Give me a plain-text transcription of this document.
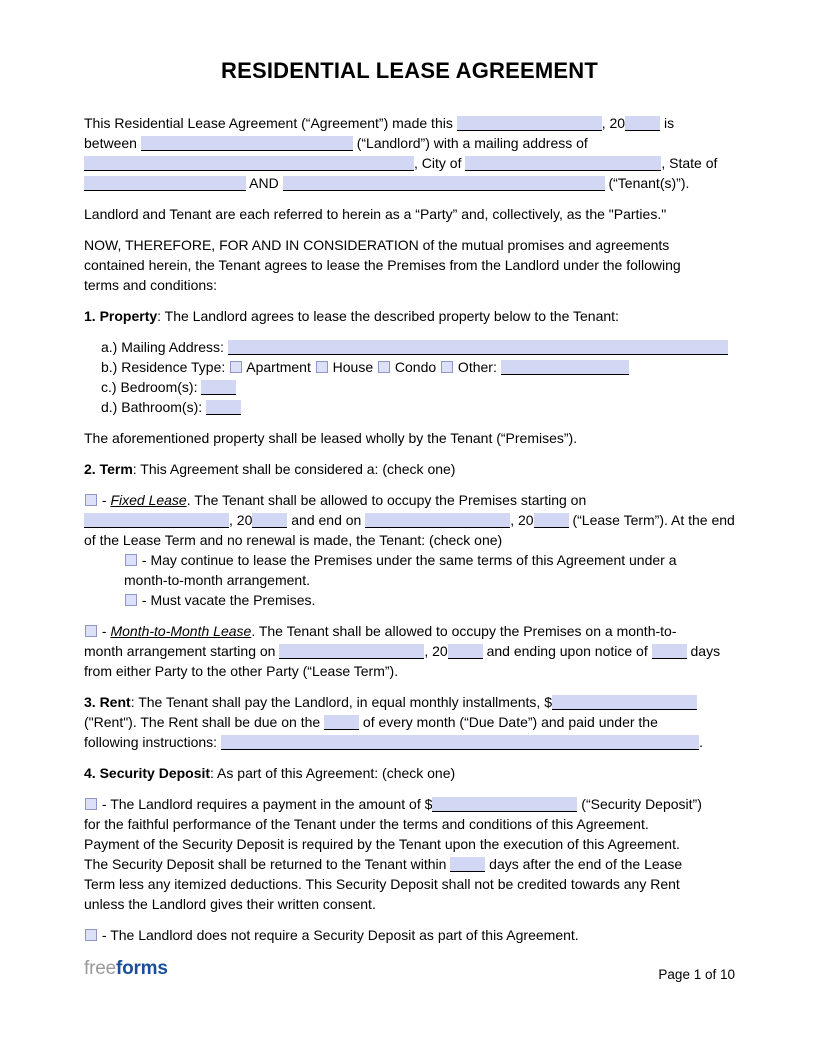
RESIDENTIAL LEASE AGREEMENT

This Residential Lease Agreement (“Agreement”) made this	, 20	is
between	(“Landlord”) with a mailing address of
, City of	, State of
AND	(“Tenant(s)”).

Landlord and Tenant are each referred to herein as a “Party” and, collectively, as the "Parties."

NOW, THEREFORE, FOR AND IN CONSIDERATION of the mutual promises and agreements
contained herein, the Tenant agrees to lease the Premises from the Landlord under the following
terms and conditions:

1. Property: The Landlord agrees to lease the described property below to the Tenant:

a.) Mailing Address:

b.) Residence Type:  Apartment  House  Condo  Other:

c.) Bedroom(s):

d.) Bathroom(s):

The aforementioned property shall be leased wholly by the Tenant (“Premises”).

2. Term: This Agreement shall be considered a: (check one)

- Fixed Lease. The Tenant shall be allowed to occupy the Premises starting on
, 20	and end on	, 20	(“Lease Term”). At the end
of the Lease Term and no renewal is made, the Tenant: (check one)

- May continue to lease the Premises under the same terms of this Agreement under a
month-to-month arrangement.

- Must vacate the Premises.

- Month-to-Month Lease. The Tenant shall be allowed to occupy the Premises on a month-to-
month arrangement starting on	, 20	and ending upon notice of	days
from either Party to the other Party (“Lease Term”).

3. Rent: The Tenant shall pay the Landlord, in equal monthly installments, $
("Rent"). The Rent shall be due on the	of every month (“Due Date”) and paid under the
following instructions:	.

4. Security Deposit: As part of this Agreement: (check one)

- The Landlord requires a payment in the amount of $	(“Security Deposit”)
for the faithful performance of the Tenant under the terms and conditions of this Agreement.
Payment of the Security Deposit is required by the Tenant upon the execution of this Agreement.
The Security Deposit shall be returned to the Tenant within	days after the end of the Lease
Term less any itemized deductions. This Security Deposit shall not be credited towards any Rent
unless the Landlord gives their written consent.

- The Landlord does not require a Security Deposit as part of this Agreement.

freeforms	Page 1 of 10
